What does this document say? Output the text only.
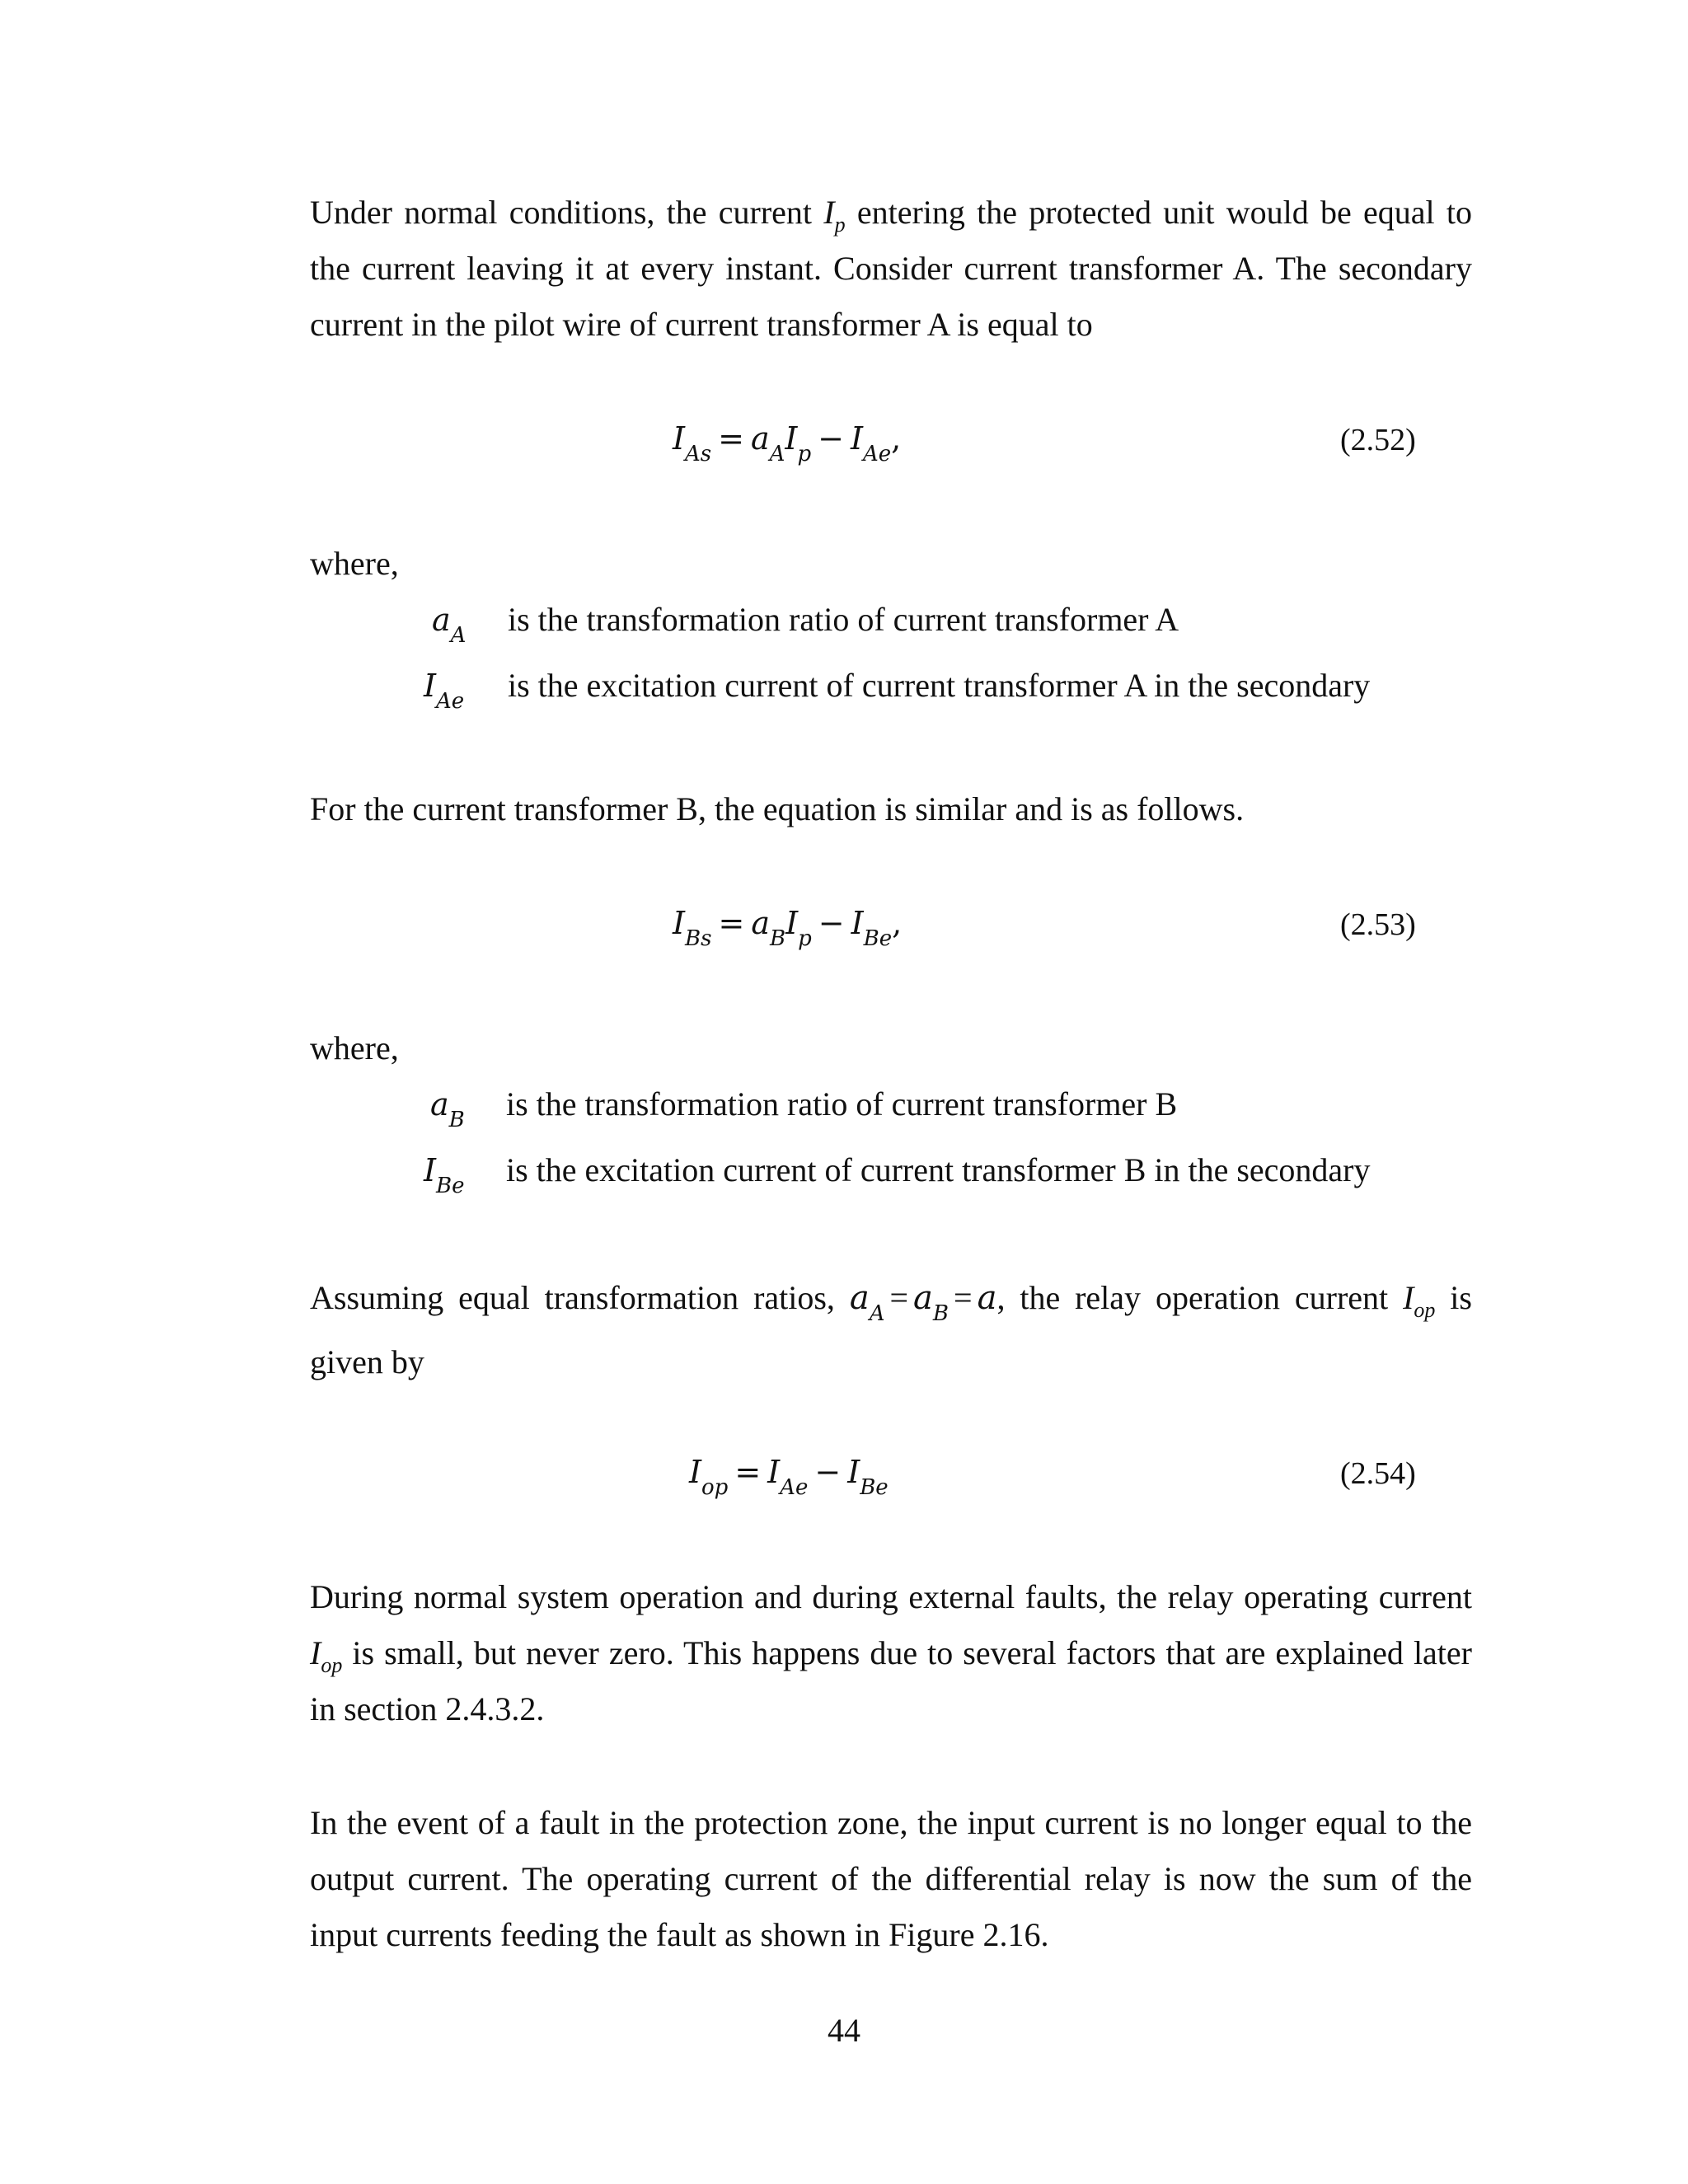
Under normal conditions, the current $I_p$ entering the protected unit would be equal to the current leaving it at every instant. Consider current transformer A. The secondary current in the pilot wire of current transformer A is equal to

$I_{As} = a_AI_p - I_{Ae}$,	(2.52)

where,

$a_A$ is the transformation ratio of current transformer A
$I_{Ae}$ is the excitation current of current transformer A in the secondary

For the current transformer B, the equation is similar and is as follows.

$I_{Bs} = a_BI_p - I_{Be}$,	(2.53)

where,

$a_B$ is the transformation ratio of current transformer B
$I_{Be}$ is the excitation current of current transformer B in the secondary

Assuming equal transformation ratios, $a_A = a_B = a$, the relay operation current $I_{op}$ is given by

$I_{op} = I_{Ae} - I_{Be}$	(2.54)

During normal system operation and during external faults, the relay operating current $I_{op}$ is small, but never zero. This happens due to several factors that are explained later in section 2.4.3.2.

In the event of a fault in the protection zone, the input current is no longer equal to the output current. The operating current of the differential relay is now the sum of the input currents feeding the fault as shown in Figure 2.16.

44
